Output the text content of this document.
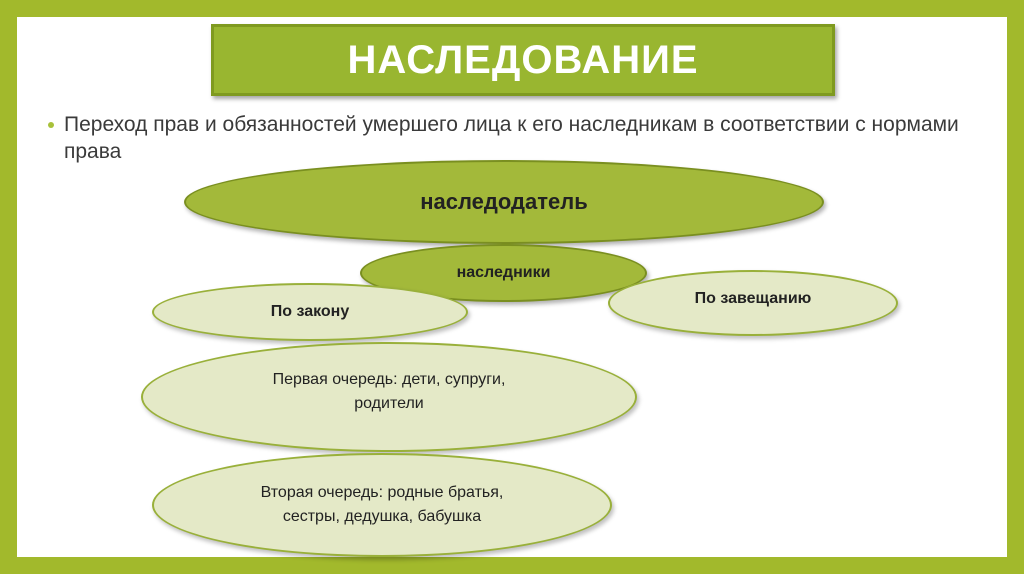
НАСЛЕДОВАНИЕ
Переход прав и обязанностей умершего лица к его наследникам в соответствии с нормами права
наследодатель
наследники
По закону
По завещанию
Первая очередь: дети, супруги,
родители
Вторая очередь: родные братья,
сестры, дедушка, бабушка
